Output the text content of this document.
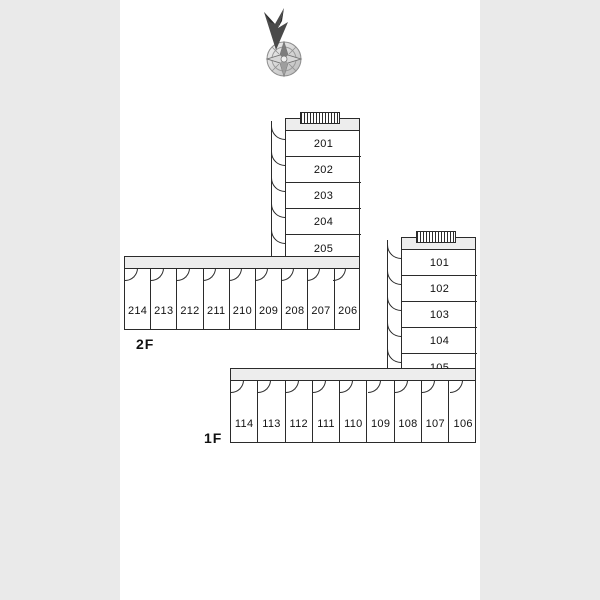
201
202
203
204
205
214 213 212 211 210 209 208 207 206
2F
101
102
103
104
114 113 112 111 110 109 108 107 106
1F
